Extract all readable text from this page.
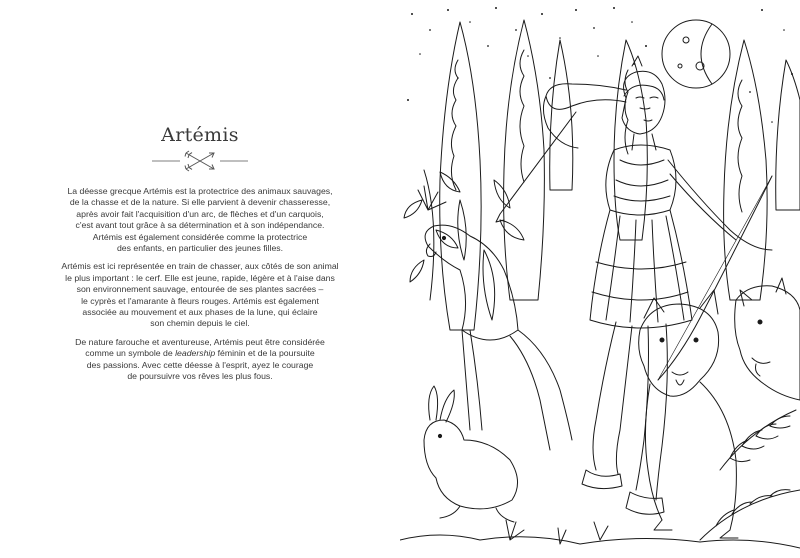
Artémis

La déesse grecque Artémis est la protectrice des animaux sauvages,
de la chasse et de la nature. Si elle parvient à devenir chasseresse,
après avoir fait l'acquisition d'un arc, de flèches et d'un carquois,
c'est avant tout grâce à sa détermination et à son indépendance.
Artémis est également considérée comme la protectrice
des enfants, en particulier des jeunes filles.

Artémis est ici représentée en train de chasser, aux côtés de son animal
le plus important : le cerf. Elle est jeune, rapide, légère et à l'aise dans
son environnement sauvage, entourée de ses plantes sacrées –
le cyprès et l'amarante à fleurs rouges. Artémis est également
associée au mouvement et aux phases de la lune, qui éclaire
son chemin depuis le ciel.

De nature farouche et aventureuse, Artémis peut être considérée
comme un symbole de leadership féminin et de la poursuite
des passions. Avec cette déesse à l'esprit, ayez le courage
de poursuivre vos rêves les plus fous.
